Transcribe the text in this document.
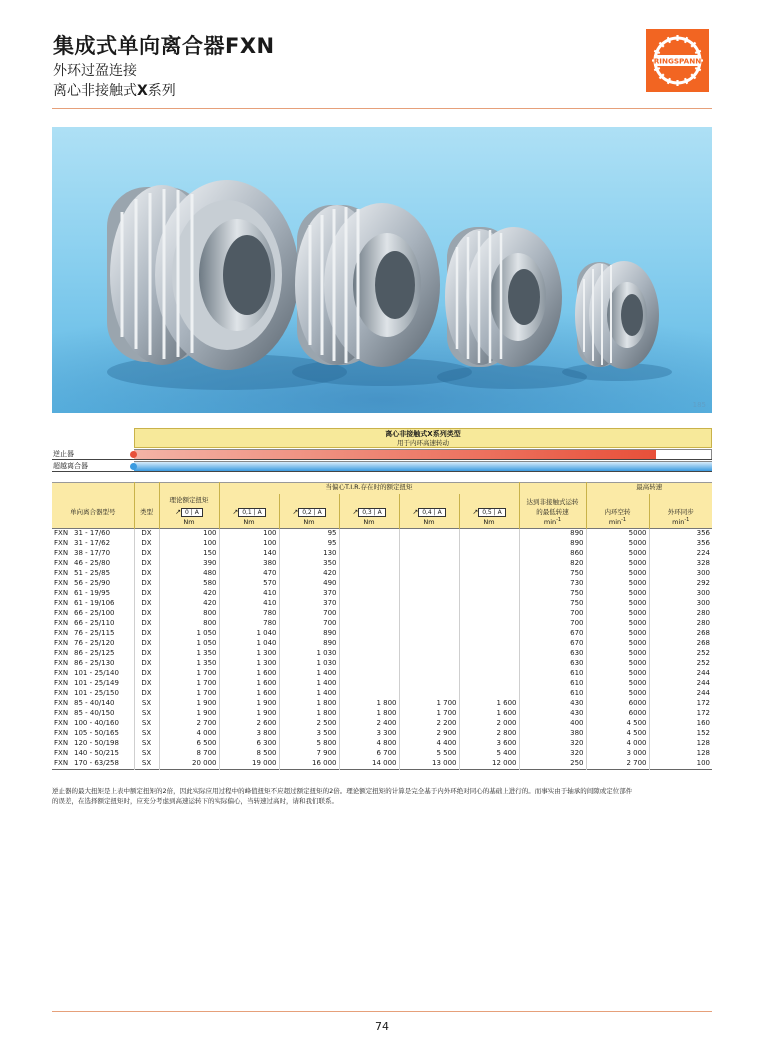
集成式单向离合器FXN
外环过盈连接
离心非接触式X系列
RINGSPANN
185
离心非接触式X系列类型
用于内环高速转动
逆止器
超越离合器
			当偏心T.I.R.存在时的额定扭矩						最高转速	
		理论额定扭矩						达到非接触式运转		
单向离合器型号	类型	↗ 0 | A	↗ 0,1 | A	↗ 0,2 | A	↗ 0,3 | A	↗ 0,4 | A	↗ 0,5 | A	的最低转速	内环空转	外环同步
		Nm	Nm	Nm	Nm	Nm	Nm	$\min^{-1}$	$\min^{-1}$	$\min^{-1}$
FXN 31 - 17/60	DX	100	100	95				890	5000	356
FXN 31 - 17/62	DX	100	100	95				890	5000	356
FXN 38 - 17/70	DX	150	140	130				860	5000	224
FXN 46 - 25/80	DX	390	380	350				820	5000	328
FXN 51 - 25/85	DX	480	470	420				750	5000	300
FXN 56 - 25/90	DX	580	570	490				730	5000	292
FXN 61 - 19/95	DX	420	410	370				750	5000	300
FXN 61 - 19/106	DX	420	410	370				750	5000	300
FXN 66 - 25/100	DX	800	780	700				700	5000	280
FXN 66 - 25/110	DX	800	780	700				700	5000	280
FXN 76 - 25/115	DX	1 050	1 040	890				670	5000	268
FXN 76 - 25/120	DX	1 050	1 040	890				670	5000	268
FXN 86 - 25/125	DX	1 350	1 300	1 030				630	5000	252
FXN 86 - 25/130	DX	1 350	1 300	1 030				630	5000	252
FXN 101 - 25/140	DX	1 700	1 600	1 400				610	5000	244
FXN 101 - 25/149	DX	1 700	1 600	1 400				610	5000	244
FXN 101 - 25/150	DX	1 700	1 600	1 400				610	5000	244
FXN 85 - 40/140	SX	1 900	1 900	1 800	1 800	1 700	1 600	430	6000	172
FXN 85 - 40/150	SX	1 900	1 900	1 800	1 800	1 700	1 600	430	6000	172
FXN 100 - 40/160	SX	2 700	2 600	2 500	2 400	2 200	2 000	400	4 500	160
FXN 105 - 50/165	SX	4 000	3 800	3 500	3 300	2 900	2 800	380	4 500	152
FXN 120 - 50/198	SX	6 500	6 300	5 800	4 800	4 400	3 600	320	4 000	128
FXN 140 - 50/215	SX	8 700	8 500	7 900	6 700	5 500	5 400	320	3 000	128
FXN 170 - 63/258	SX	20 000	19 000	16 000	14 000	13 000	12 000	250	2 700	100
逆止器的最大扭矩是上表中额定扭矩的2倍，因此实际应用过程中的峰值扭矩不应超过额定扭矩的2倍。理论额定扭矩的计算是完全基于内外环绝对同心的基础上进行的。而事实由于轴承的间隙或定位部件
的误差，在选择额定扭矩时，应充分考虑到高速运转下的实际偏心，当转速过高时，请和我们联系。
74
